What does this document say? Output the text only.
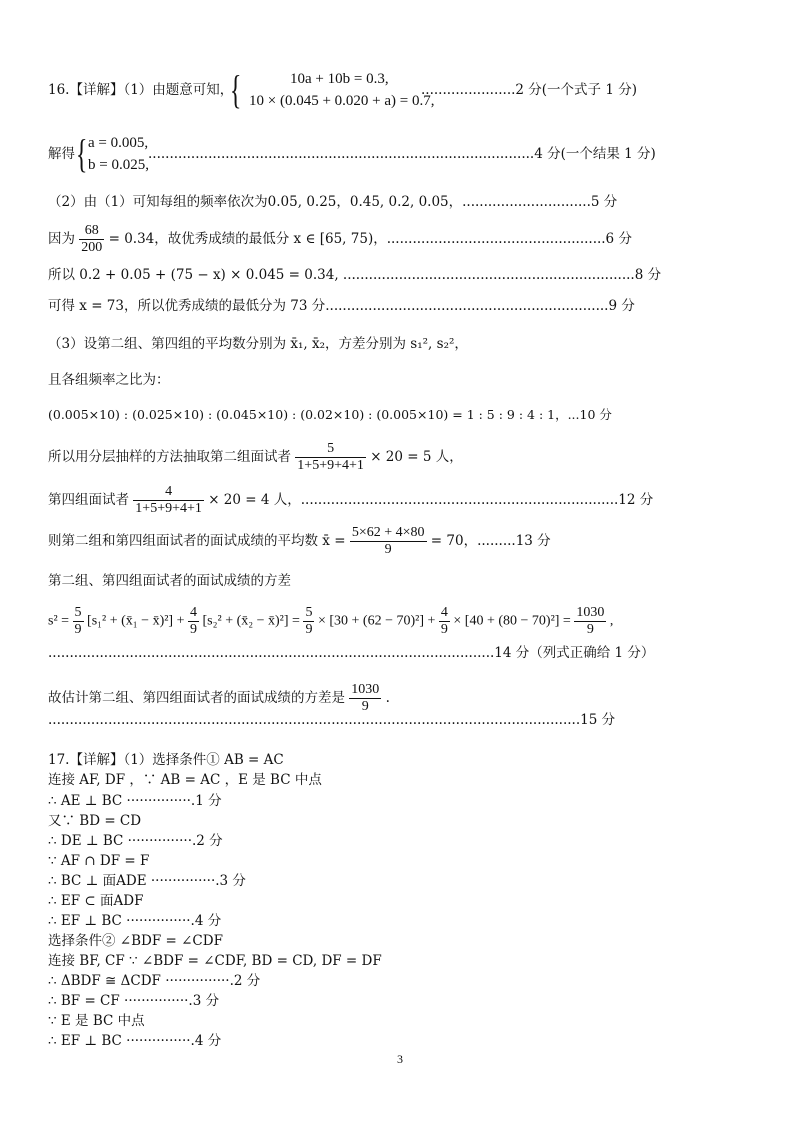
16.【详解】（1）由题意可知，
{	10a + 10b = 0.3,
10 × (0.045 + 0.020 + a) = 0.7,
......................2 分(一个式子 1 分)
解得 { a = 0.005,
b = 0.025,
..........................................................................................4 分(一个结果 1 分)
（2）由（1）可知每组的频率依次为0.05, 0.25，0.45, 0.2, 0.05，..............................5 分
因为 $\frac{68}{200} = 0.34$，故优秀成绩的最低分 x ∈ [65, 75)，...................................................6 分
所以 0.2 + 0.05 + (75 − x) × 0.045 = 0.34, ....................................................................8 分
可得 x = 73，所以优秀成绩的最低分为 73 分..................................................................9 分
（3）设第二组、第四组的平均数分别为 x̄₁, x̄₂，方差分别为 s₁², s₂²，
且各组频率之比为：
(0.005×10) : (0.025×10) : (0.045×10) : (0.02×10) : (0.005×10) = 1 : 5 : 9 : 4 : 1，...10 分
所以用分层抽样的方法抽取第二组面试者 $\frac{5}{1+5+9+4+1} \times 20 = 5$ 人，
第四组面试者 $\frac{4}{1+5+9+4+1} \times 20 = 4$ 人，..........................................................................12 分
则第二组和第四组面试者的面试成绩的平均数 x̄ = $\frac{5\times 62 + 4\times 80}{9} = 70$，.........13 分
第二组、第四组面试者的面试成绩的方差
$s^2 = \frac{5}{9} [s_1^2$ + (x̄₁ − x̄)²] + $\frac{4}{9} [s_2^2$ + (x̄₂ − x̄)²] = $\frac{5}{9} \times [30 + (62 - 70)^2] + \frac{4}{9} \times [40 + (80 - 70)^2] = \frac{1030}{9}$ ,
........................................................................................................14 分（列式正确给 1 分）
故估计第二组、第四组面试者的面试成绩的方差是 $\frac{1030}{9}$ .
............................................................................................................................15 分
17.【详解】（1）选择条件① AB = AC
连接 AF, DF ，∵ AB = AC ，E 是 BC 中点
∴ AE ⊥ BC ···············.1 分
又∵ BD = CD
∴ DE ⊥ BC ···············.2 分
∵ AF ∩ DF = F
∴ BC ⊥ 面ADE ···············.3 分
∴ EF ⊂ 面ADF
∴ EF ⊥ BC ···············.4 分
选择条件② ∠BDF = ∠CDF
连接 BF, CF ∵ ∠BDF = ∠CDF, BD = CD, DF = DF
∴ ΔBDF ≅ ΔCDF ···············.2 分
∴ BF = CF ···············.3 分
∵ E 是 BC 中点
∴ EF ⊥ BC ···············.4 分
3
